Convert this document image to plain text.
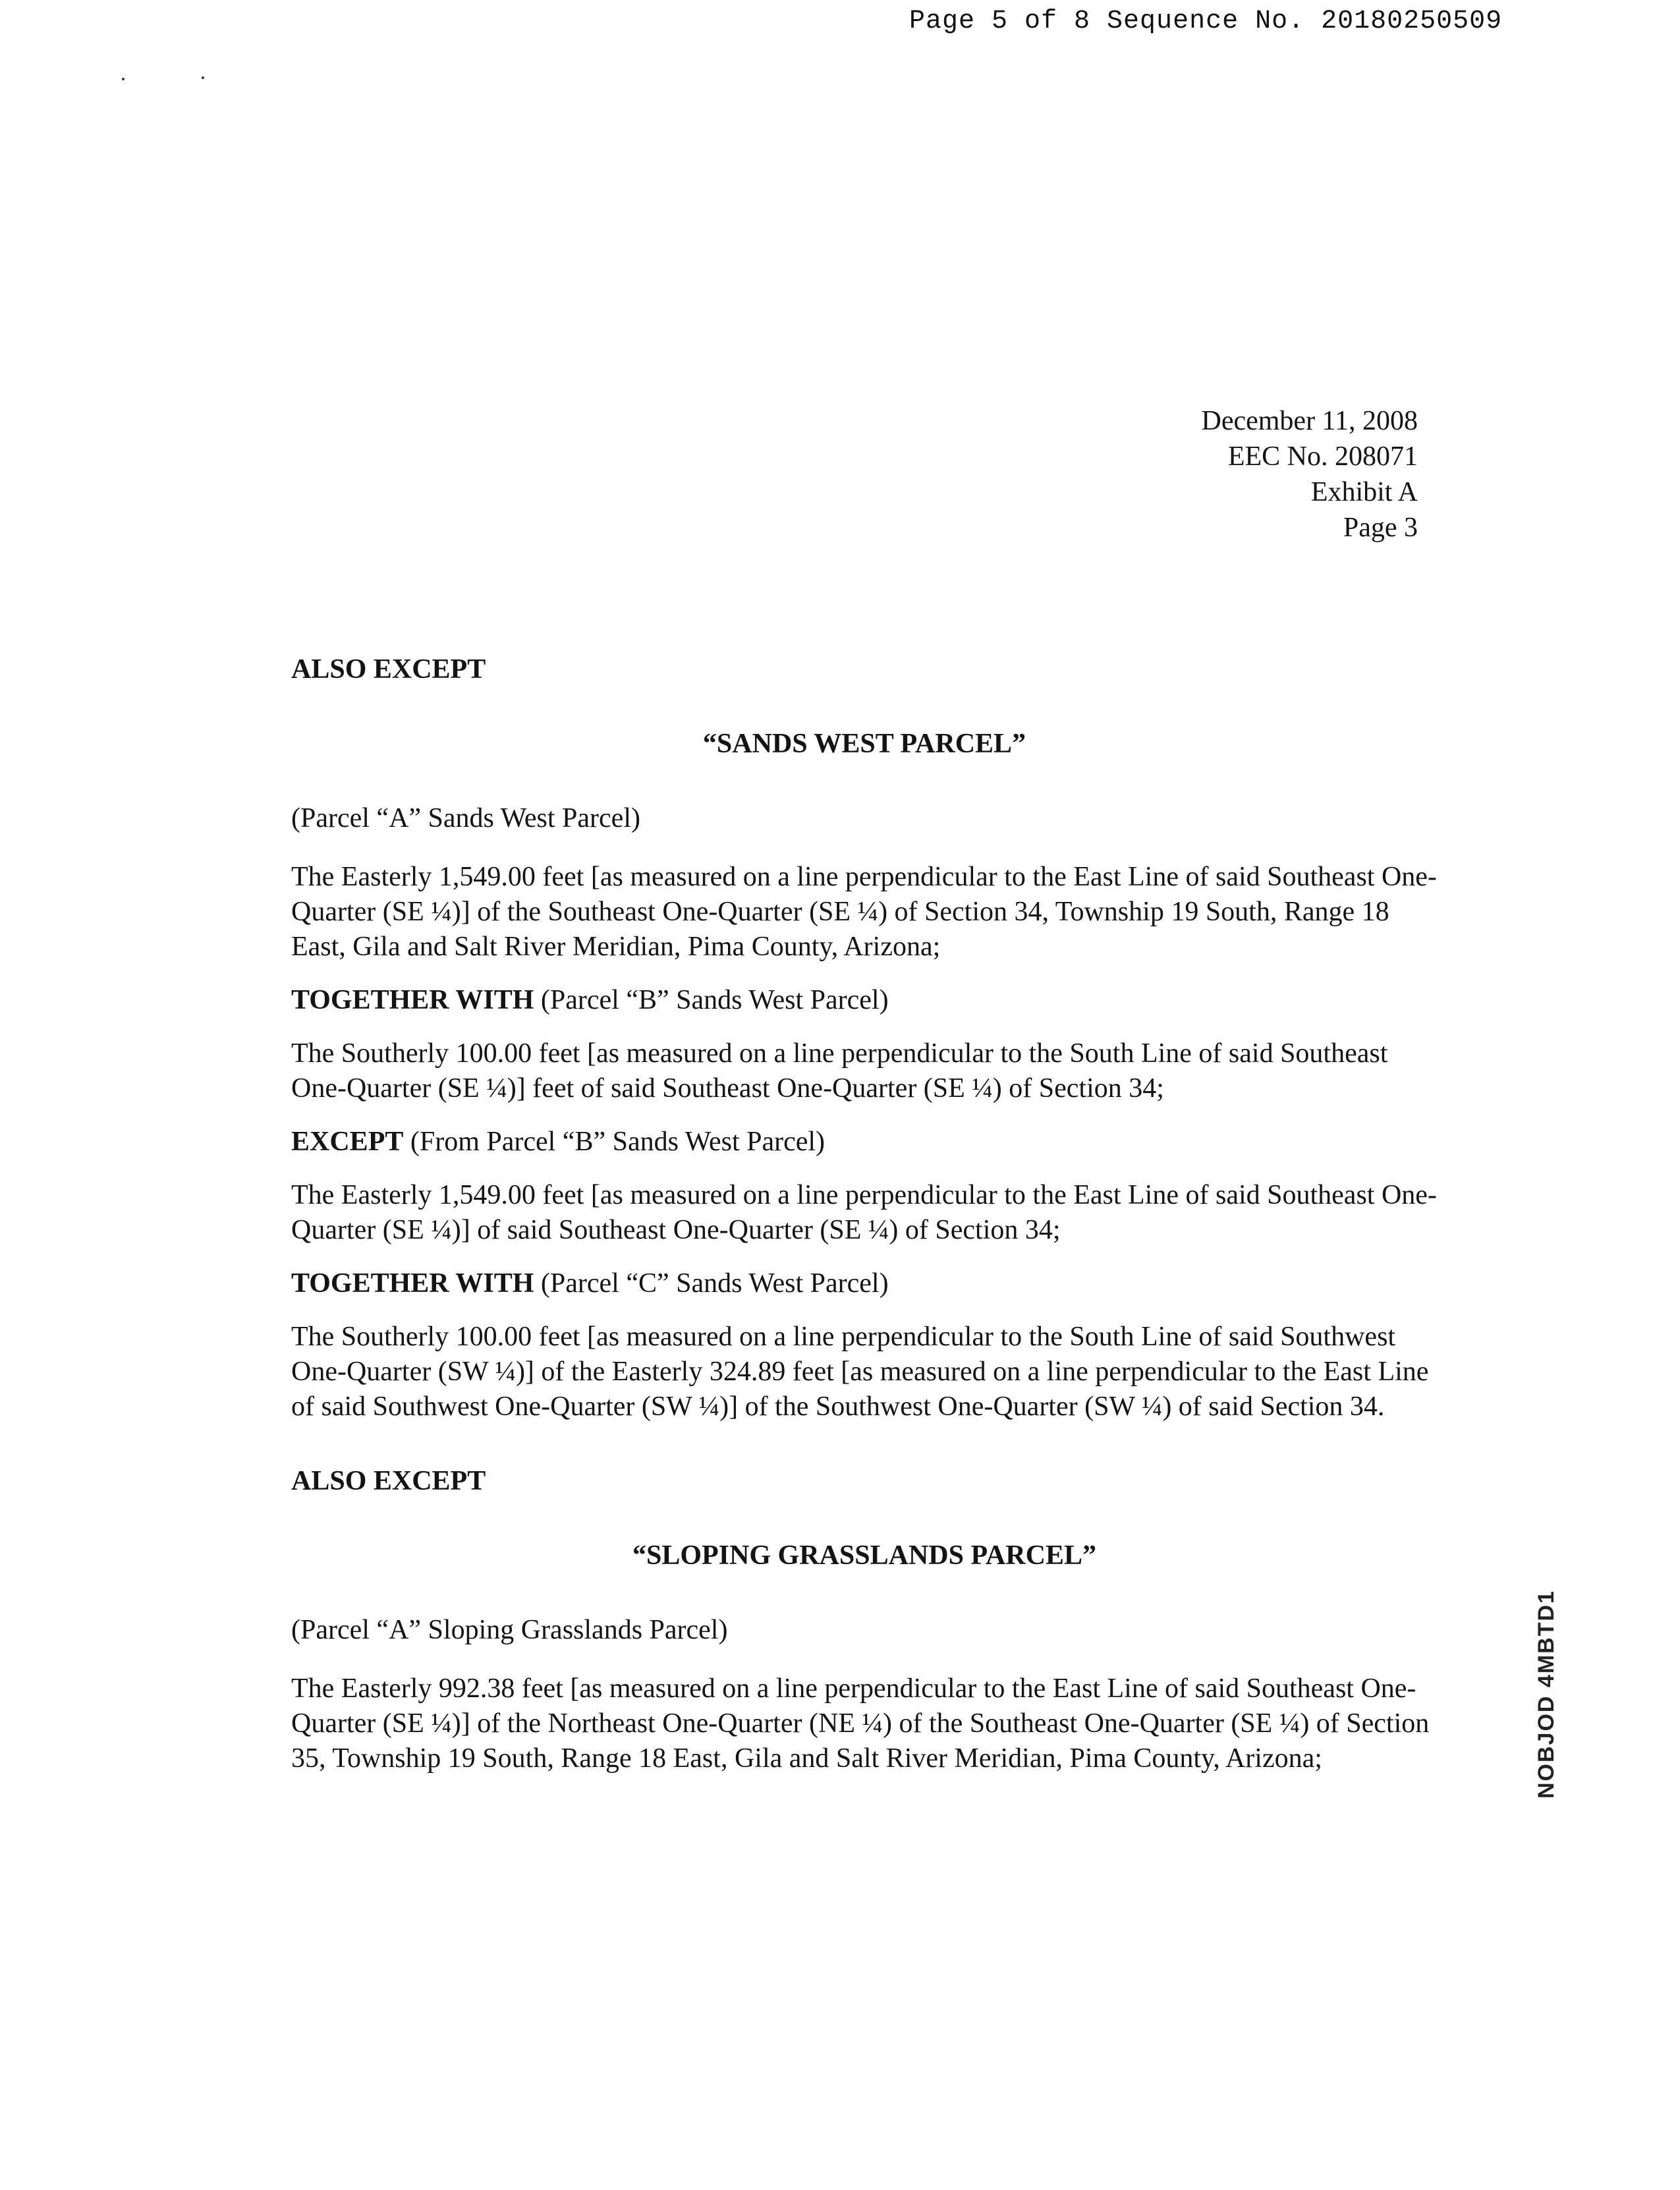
Page 5 of 8 Sequence No. 20180250509
December 11, 2008
EEC No. 208071
Exhibit A
Page 3

ALSO EXCEPT

“SANDS WEST PARCEL”

(Parcel “A” Sands West Parcel)

The Easterly 1,549.00 feet [as measured on a line perpendicular to the East Line of said Southeast One-Quarter (SE ¼)] of the Southeast One-Quarter (SE ¼) of Section 34, Township 19 South, Range 18 East, Gila and Salt River Meridian, Pima County, Arizona;

TOGETHER WITH (Parcel “B” Sands West Parcel)

The Southerly 100.00 feet [as measured on a line perpendicular to the South Line of said Southeast One-Quarter (SE ¼)] feet of said Southeast One-Quarter (SE ¼) of Section 34;

EXCEPT (From Parcel “B” Sands West Parcel)

The Easterly 1,549.00 feet [as measured on a line perpendicular to the East Line of said Southeast One-Quarter (SE ¼)] of said Southeast One-Quarter (SE ¼) of Section 34;

TOGETHER WITH (Parcel “C” Sands West Parcel)

The Southerly 100.00 feet [as measured on a line perpendicular to the South Line of said Southwest One-Quarter (SW ¼)] of the Easterly 324.89 feet [as measured on a line perpendicular to the East Line of said Southwest One-Quarter (SW ¼)] of the Southwest One-Quarter (SW ¼) of said Section 34.

ALSO EXCEPT

“SLOPING GRASSLANDS PARCEL”

(Parcel “A” Sloping Grasslands Parcel)

The Easterly 992.38 feet [as measured on a line perpendicular to the East Line of said Southeast One-Quarter (SE ¼)] of the Northeast One-Quarter (NE ¼) of the Southeast One-Quarter (SE ¼) of Section 35, Township 19 South, Range 18 East, Gila and Salt River Meridian, Pima County, Arizona;	NOBJOD 4MBTD1
